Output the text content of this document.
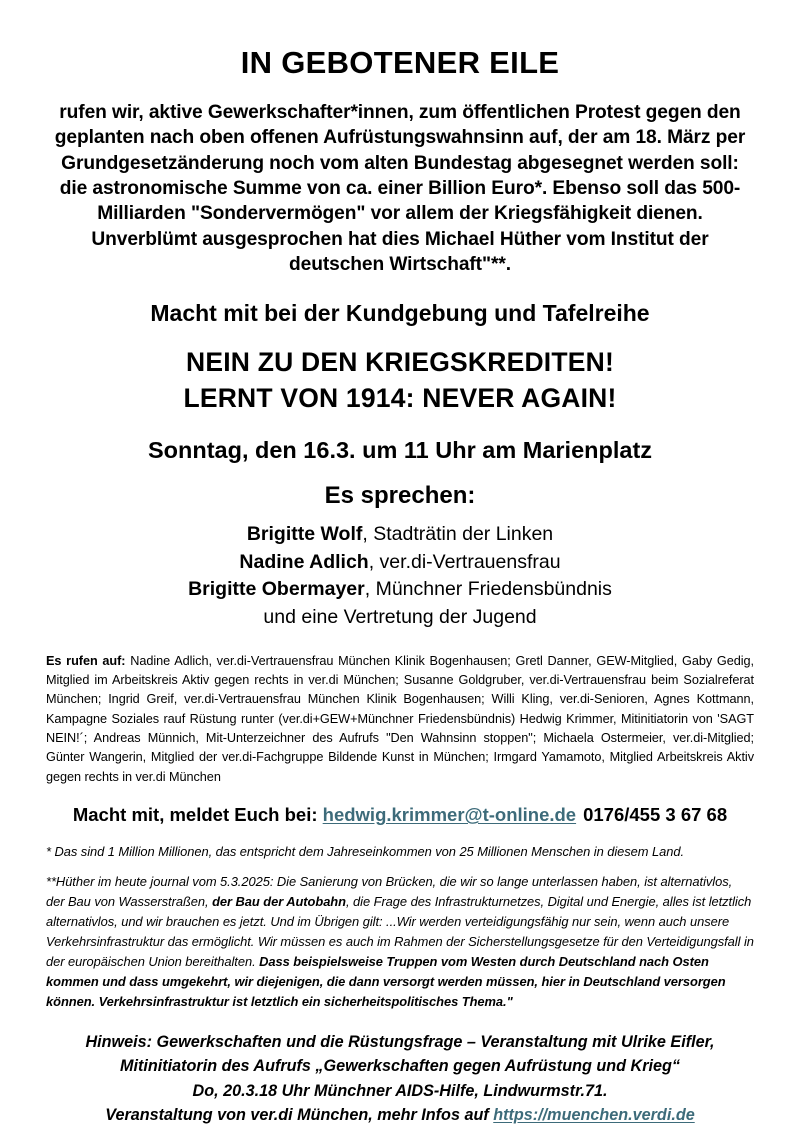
IN GEBOTENER EILE

rufen wir, aktive Gewerkschafter*innen, zum öffentlichen Protest gegen den geplanten nach oben offenen Aufrüstungswahnsinn auf, der am 18. März per Grundgesetzänderung noch vom alten Bundestag abgesegnet werden soll: die astronomische Summe von ca. einer Billion Euro*. Ebenso soll das 500-Milliarden "Sondervermögen" vor allem der Kriegsfähigkeit dienen. Unverblümt ausgesprochen hat dies Michael Hüther vom Institut der deutschen Wirtschaft"**.

Macht mit bei der Kundgebung und Tafelreihe

NEIN ZU DEN KRIEGSKREDITEN!

LERNT VON 1914: NEVER AGAIN!

Sonntag, den 16.3. um 11 Uhr am Marienplatz

Es sprechen:

Brigitte Wolf, Stadträtin der Linken

Nadine Adlich, ver.di-Vertrauensfrau

Brigitte Obermayer, Münchner Friedensbündnis

und eine Vertretung der Jugend

Es rufen auf: Nadine Adlich, ver.di-Vertrauensfrau München Klinik Bogenhausen; Gretl Danner, GEW-Mitglied, Gaby Gedig, Mitglied im Arbeitskreis Aktiv gegen rechts in ver.di München; Susanne Goldgruber, ver.di-Vertrauensfrau beim Sozialreferat München; Ingrid Greif, ver.di-Vertrauensfrau München Klinik Bogenhausen; Willi Kling, ver.di-Senioren, Agnes Kottmann, Kampagne Soziales rauf Rüstung runter (ver.di+GEW+Münchner Friedensbündnis) Hedwig Krimmer, Mitinitiatorin von 'SAGT NEIN!´; Andreas Münnich, Mit-Unterzeichner des Aufrufs "Den Wahnsinn stoppen"; Michaela Ostermeier, ver.di-Mitglied; Günter Wangerin, Mitglied der ver.di-Fachgruppe Bildende Kunst in München; Irmgard Yamamoto, Mitglied Arbeitskreis Aktiv gegen rechts in ver.di München

Macht mit, meldet Euch bei: hedwig.krimmer@t-online.de 0176/455 3 67 68

* Das sind 1 Million Millionen, das entspricht dem Jahreseinkommen von 25 Millionen Menschen in diesem Land.

**Hüther im heute journal vom 5.3.2025: Die Sanierung von Brücken, die wir so lange unterlassen haben, ist alternativlos, der Bau von Wasserstraßen, der Bau der Autobahn, die Frage des Infrastrukturnetzes, Digital und Energie, alles ist letztlich alternativlos, und wir brauchen es jetzt. Und im Übrigen gilt: ...Wir werden verteidigungsfähig nur sein, wenn auch unsere Verkehrsinfrastruktur das ermöglicht. Wir müssen es auch im Rahmen der Sicherstellungsgesetze für den Verteidigungsfall in der europäischen Union bereithalten. Dass beispielsweise Truppen vom Westen durch Deutschland nach Osten kommen und dass umgekehrt, wir diejenigen, die dann versorgt werden müssen, hier in Deutschland versorgen können. Verkehrsinfrastruktur ist letztlich ein sicherheitspolitisches Thema."

Hinweis: Gewerkschaften und die Rüstungsfrage – Veranstaltung mit Ulrike Eifler,
Mitinitiatorin des Aufrufs „Gewerkschaften gegen Aufrüstung und Krieg“
Do, 20.3.18 Uhr Münchner AIDS-Hilfe, Lindwurmstr.71.
Veranstaltung von ver.di München, mehr Infos auf https://muenchen.verdi.de
